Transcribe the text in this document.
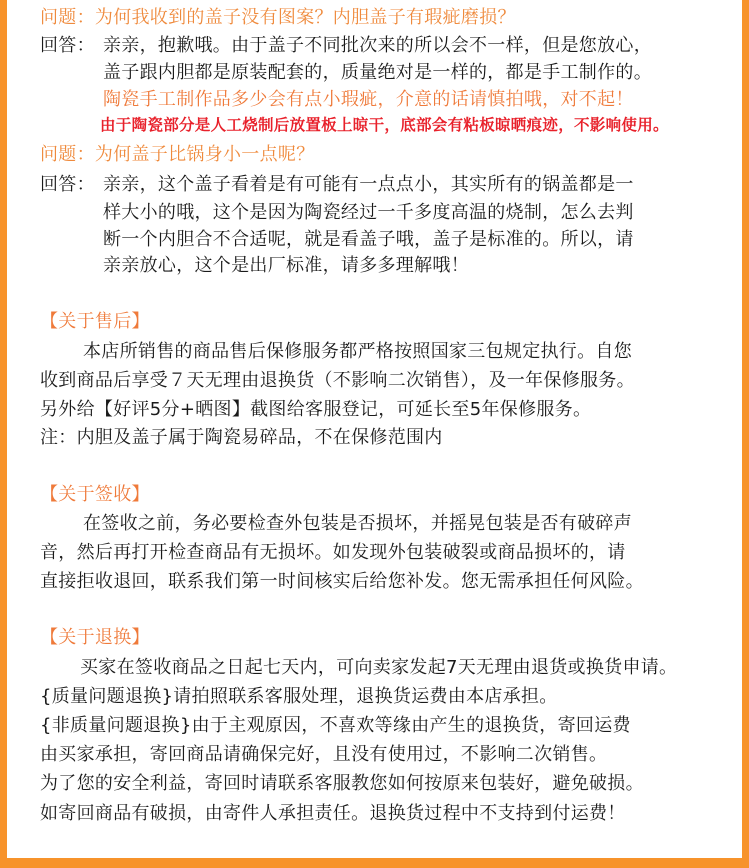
问题：为何我收到的盖子没有图案？内胆盖子有瑕疵磨损？
回答： 亲亲，抱歉哦。由于盖子不同批次来的所以会不一样，但是您放心，
盖子跟内胆都是原装配套的，质量绝对是一样的，都是手工制作的。
陶瓷手工制作品多少会有点小瑕疵，介意的话请慎拍哦，对不起！
由于陶瓷部分是人工烧制后放置板上晾干，底部会有粘板晾晒痕迹，不影响使用。
问题：为何盖子比锅身小一点呢？
回答： 亲亲，这个盖子看着是有可能有一点点小，其实所有的锅盖都是一
样大小的哦，这个是因为陶瓷经过一千多度高温的烧制，怎么去判
断一个内胆合不合适呢，就是看盖子哦，盖子是标准的。所以，请
亲亲放心，这个是出厂标准，请多多理解哦！
【关于售后】
本店所销售的商品售后保修服务都严格按照国家三包规定执行。自您
收到商品后享受７天无理由退换货（不影响二次销售），及一年保修服务。
另外给【好评5分+晒图】截图给客服登记，可延长至5年保修服务。
注：内胆及盖子属于陶瓷易碎品，不在保修范围内
【关于签收】
在签收之前，务必要检查外包装是否损坏，并摇晃包装是否有破碎声
音，然后再打开检查商品有无损坏。如发现外包装破裂或商品损坏的，请
直接拒收退回，联系我们第一时间核实后给您补发。您无需承担任何风险。
【关于退换】
买家在签收商品之日起七天内，可向卖家发起7天无理由退货或换货申请。
{质量问题退换}请拍照联系客服处理，退换货运费由本店承担。
{非质量问题退换}由于主观原因，不喜欢等缘由产生的退换货，寄回运费
由买家承担，寄回商品请确保完好，且没有使用过，不影响二次销售。
为了您的安全利益，寄回时请联系客服教您如何按原来包装好，避免破损。
如寄回商品有破损，由寄件人承担责任。退换货过程中不支持到付运费！
